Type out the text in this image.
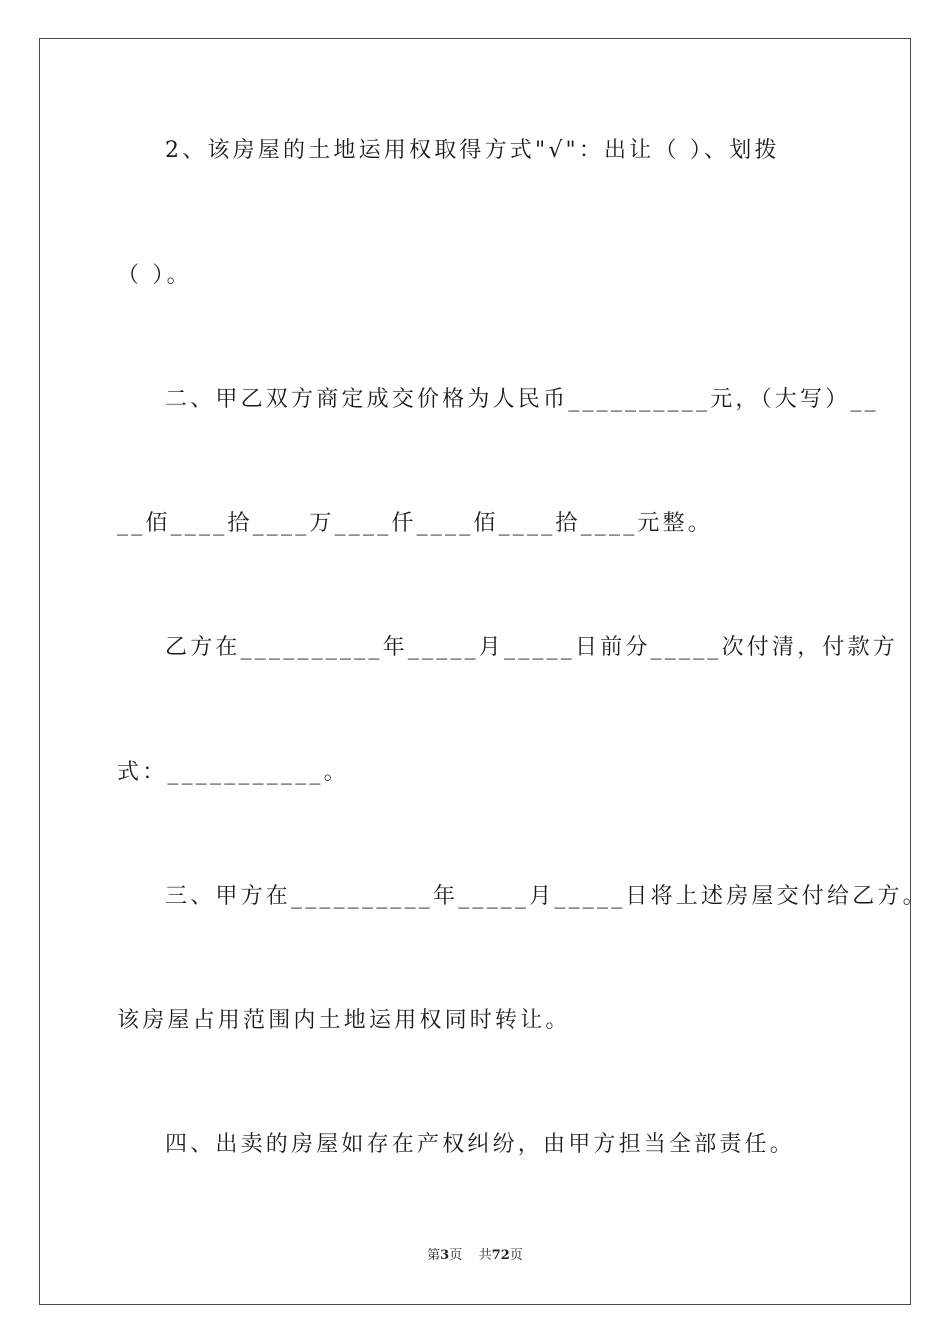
2、该房屋的土地运用权取得方式"√"：出让（ ）、划拨
（ ）。
二、甲乙双方商定成交价格为人民币__________元，（大写）__
__佰____拾____万____仟____佰____拾____元整。
乙方在__________年_____月_____日前分_____次付清，付款方
式：___________。
三、甲方在__________年_____月_____日将上述房屋交付给乙方。
该房屋占用范围内土地运用权同时转让。
四、出卖的房屋如存在产权纠纷，由甲方担当全部责任。
第3页 共72页
